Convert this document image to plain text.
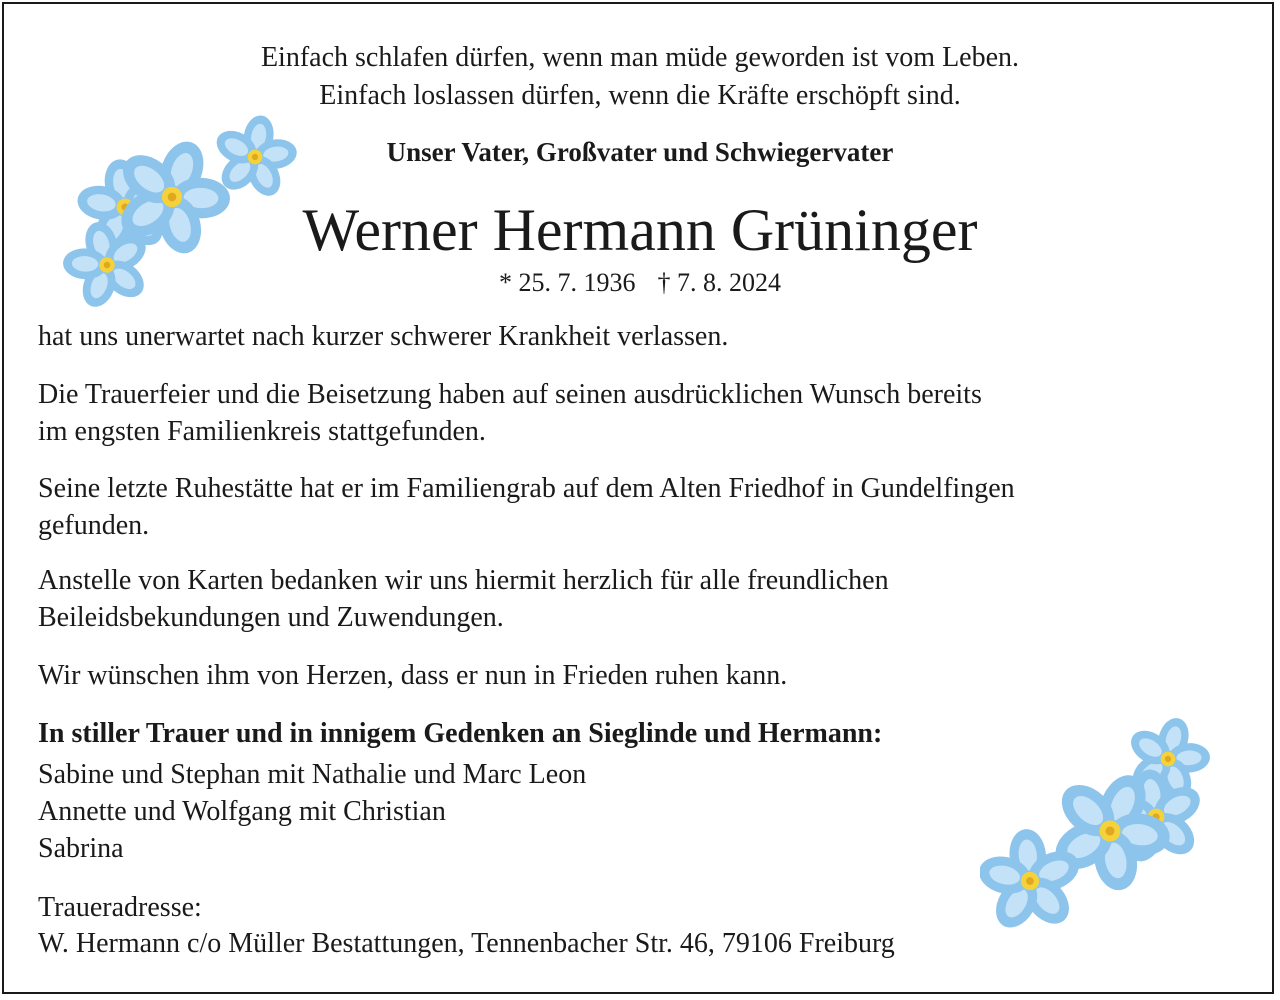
Einfach schlafen dürfen, wenn man müde geworden ist vom Leben.
Einfach loslassen dürfen, wenn die Kräfte erschöpft sind.
Unser Vater, Großvater und Schwiegervater
Werner Hermann Grüninger
* 25. 7. 1936 † 7. 8. 2024
hat uns unerwartet nach kurzer schwerer Krankheit verlassen.
Die Trauerfeier und die Beisetzung haben auf seinen ausdrücklichen Wunsch bereits
im engsten Familienkreis stattgefunden.
Seine letzte Ruhestätte hat er im Familiengrab auf dem Alten Friedhof in Gundelfingen
gefunden.
Anstelle von Karten bedanken wir uns hiermit herzlich für alle freundlichen
Beileidsbekundungen und Zuwendungen.
Wir wünschen ihm von Herzen, dass er nun in Frieden ruhen kann.
In stiller Trauer und in innigem Gedenken an Sieglinde und Hermann:
Sabine und Stephan mit Nathalie und Marc Leon
Annette und Wolfgang mit Christian
Sabrina
Traueradresse:
W. Hermann c/o Müller Bestattungen, Tennenbacher Str. 46, 79106 Freiburg
